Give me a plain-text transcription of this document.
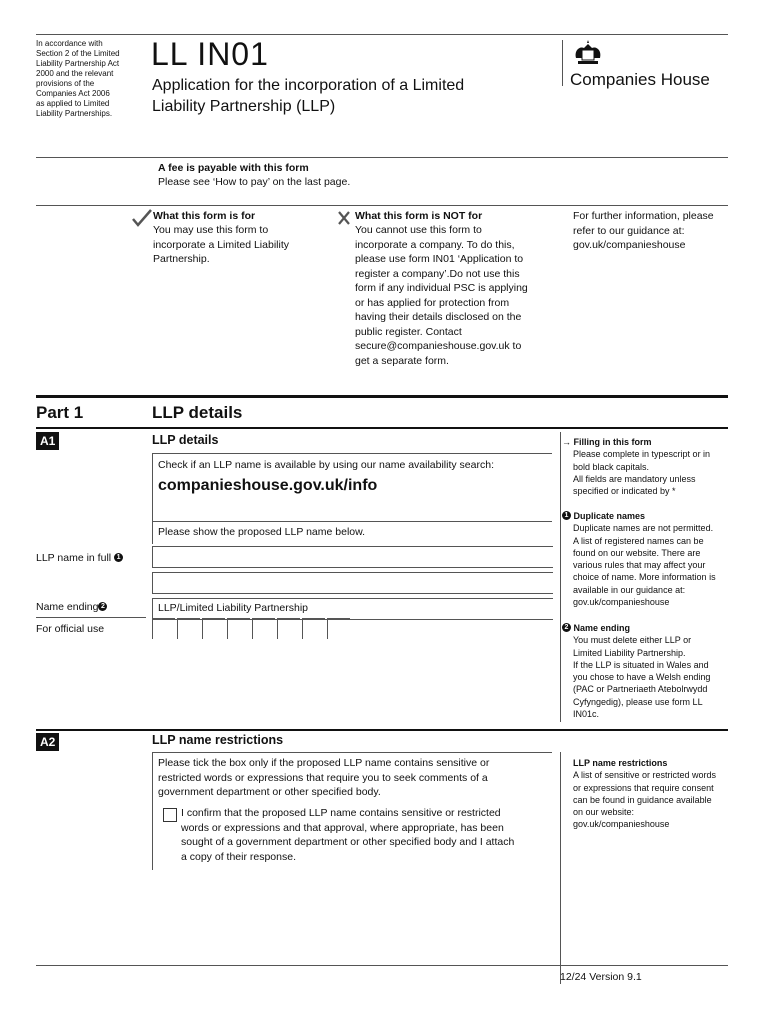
In accordance with
Section 2 of the Limited
Liability Partnership Act
2000 and the relevant
provisions of the
Companies Act 2006
as applied to Limited
Liability Partnerships.
LL IN01
Application for the incorporation of a Limited
Liability Partnership (LLP)
Companies House
A fee is payable with this form
Please see ‘How to pay’ on the last page.
What this form is for
You may use this form to
incorporate a Limited Liability
Partnership.
What this form is NOT for
You cannot use this form to
incorporate a company. To do this,
please use form IN01 ‘Application to
register a company’.Do not use this
form if any individual PSC is applying
or has applied for protection from
having their details disclosed on the
public register. Contact
secure@companieshouse.gov.uk to
get a separate form.
For further information, please
refer to our guidance at:
gov.uk/companieshouse
Part 1	LLP details
A1	LLP details
Check if an LLP name is available by using our name availability search:
companieshouse.gov.uk/info
Please show the proposed LLP name below.
LLP name in full 1
Name ending 2	LLP/Limited Liability Partnership
For official use
→ Filling in this form
Please complete in typescript or in
bold black capitals.
All fields are mandatory unless
specified or indicated by *
1 Duplicate names
Duplicate names are not permitted.
A list of registered names can be
found on our website. There are
various rules that may affect your
choice of name. More information is
available in our guidance at:
gov.uk/companieshouse
2 Name ending
You must delete either LLP or
Limited Liability Partnership.
If the LLP is situated in Wales and
you chose to have a Welsh ending
(PAC or Partneriaeth Atebolrwydd
Cyfyngedig), please use form LL
IN01c.
A2	LLP name restrictions
Please tick the box only if the proposed LLP name contains sensitive or
restricted words or expressions that require you to seek comments of a
government department or other specified body.
I confirm that the proposed LLP name contains sensitive or restricted
words or expressions and that approval, where appropriate, has been
sought of a government department or other specified body and I attach
a copy of their response.
LLP name restrictions
A list of sensitive or restricted words
or expressions that require consent
can be found in guidance available
on our website:
gov.uk/companieshouse
12/24 Version 9.1
